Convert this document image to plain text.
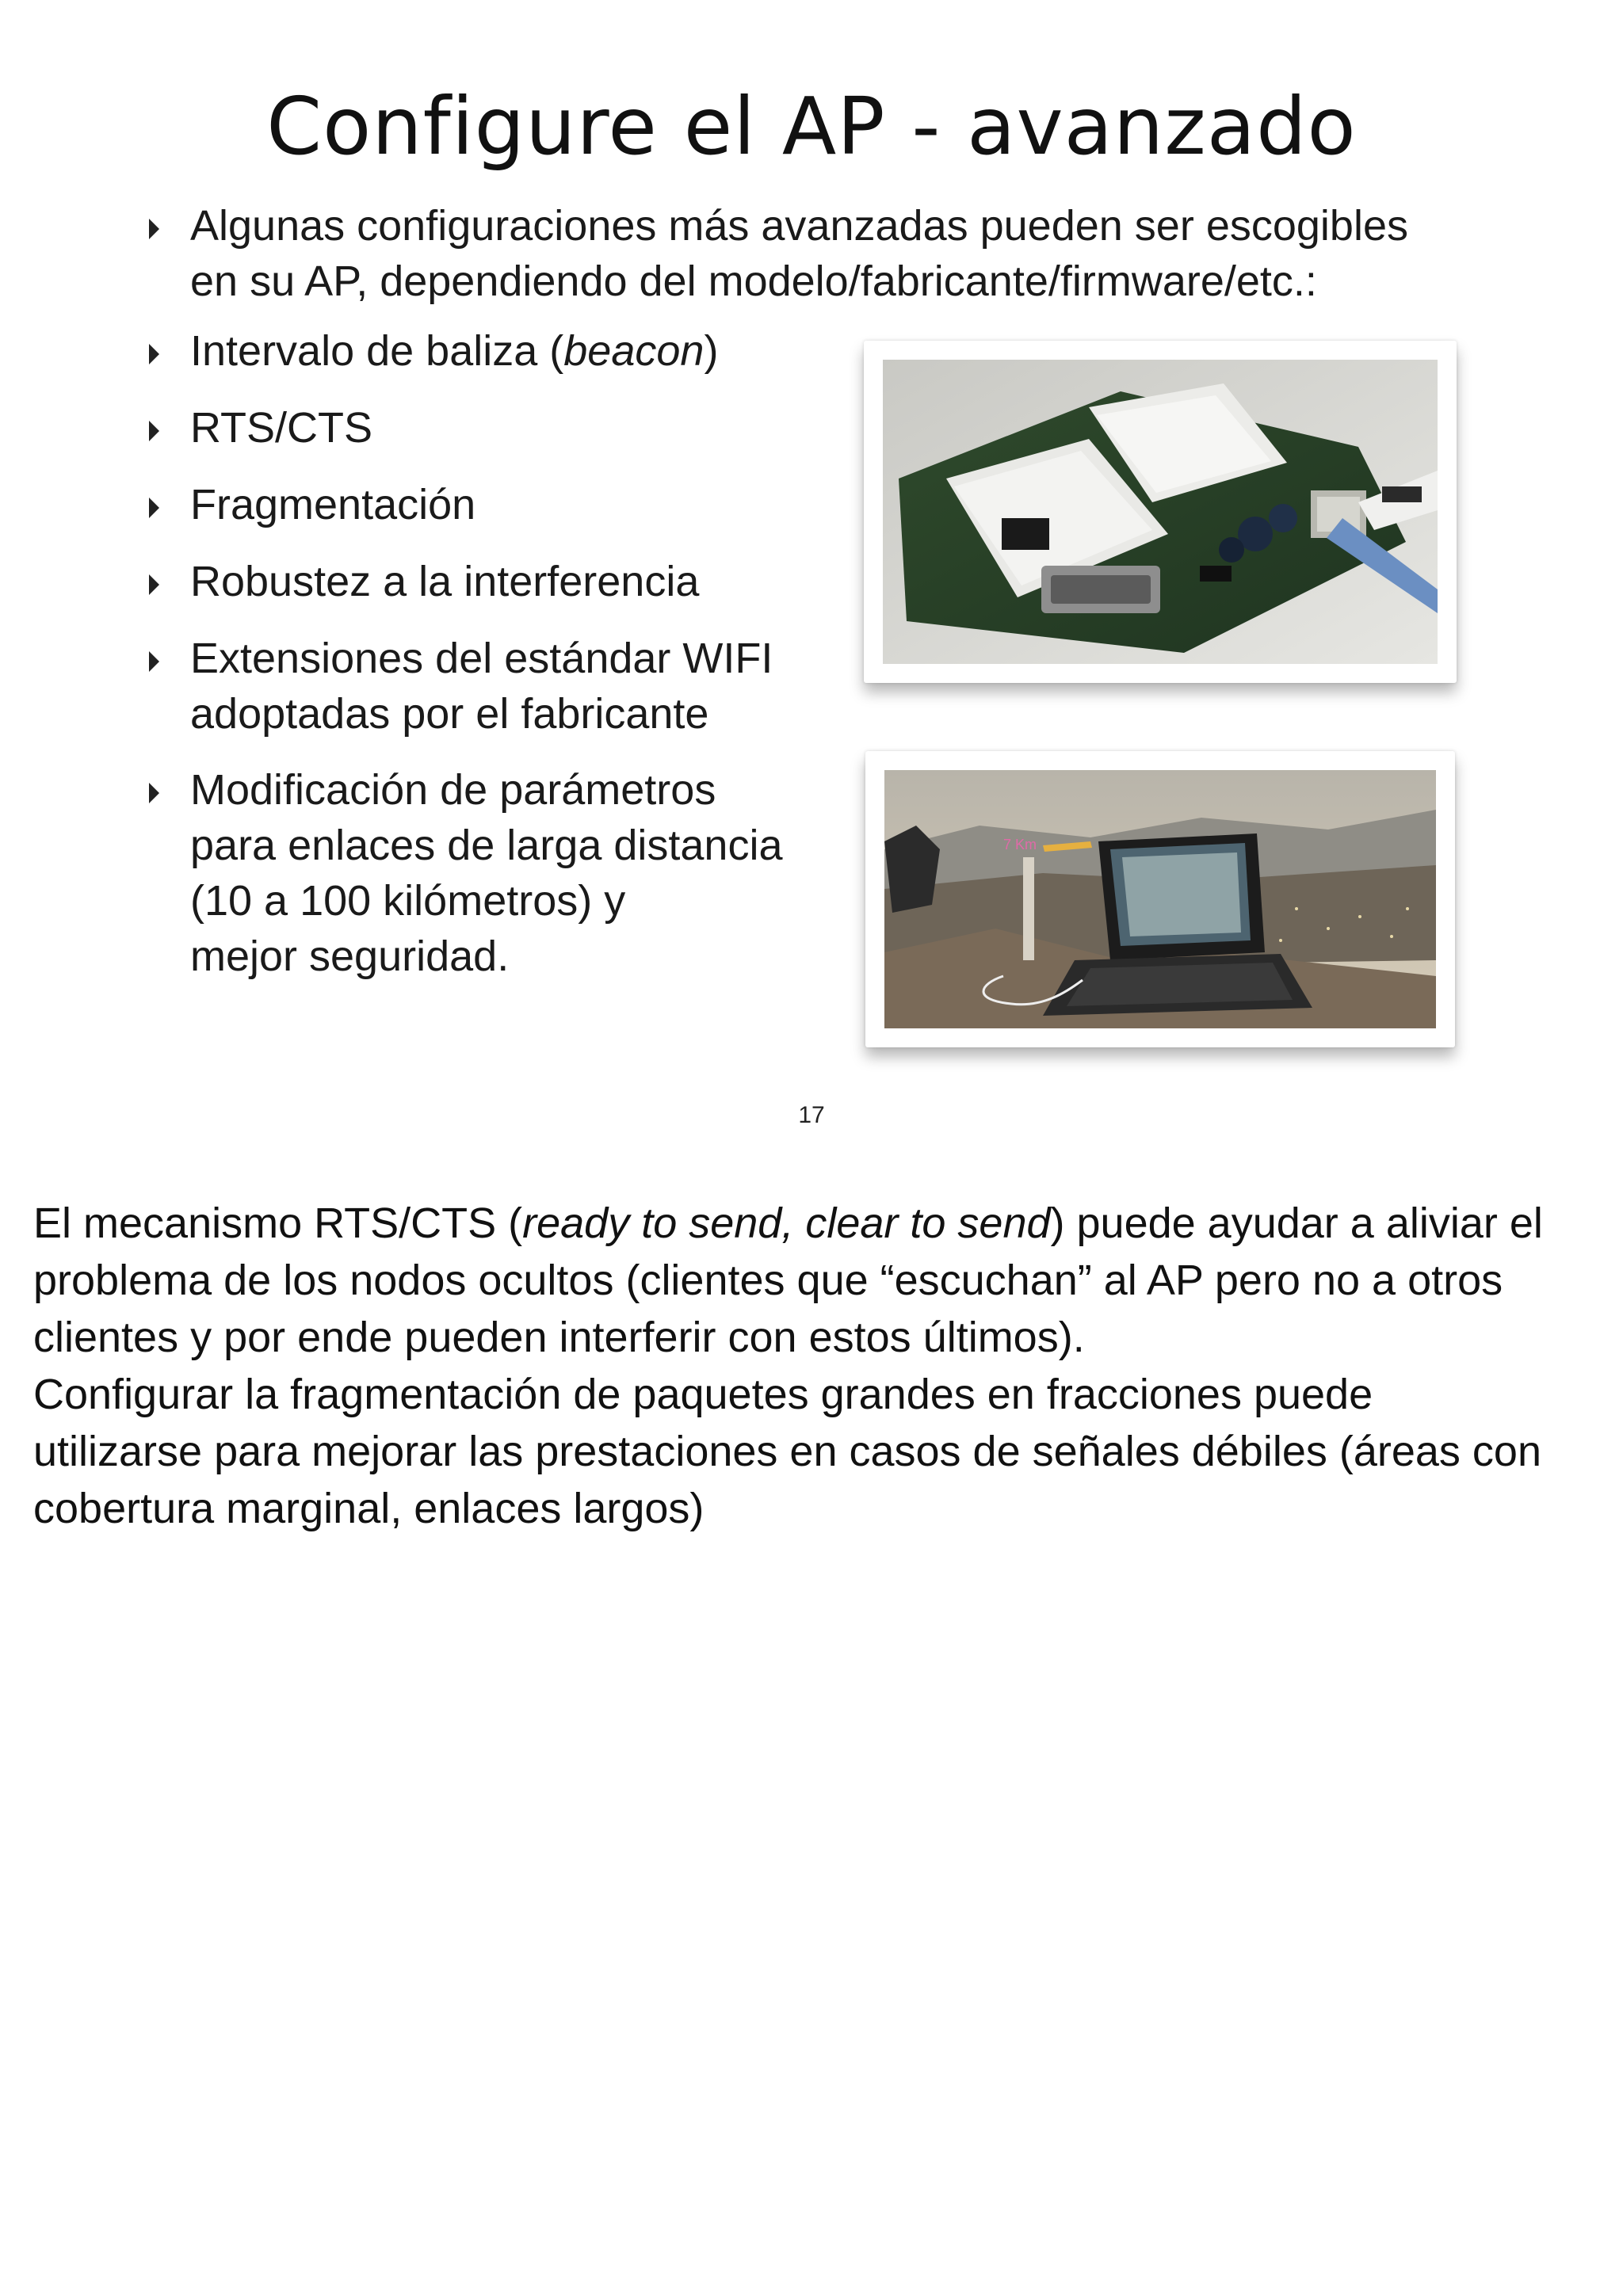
Configure el AP - avanzado
Algunas configuraciones más avanzadas pueden ser escogibles
en su AP, dependiendo del modelo/fabricante/firmware/etc.:
Intervalo de baliza (beacon)
RTS/CTS
Fragmentación
Robustez a la interferencia
Extensiones del estándar WIFI
adoptadas por el fabricante
Modificación de parámetros
para enlaces de larga distancia
(10 a 100 kilómetros) y
mejor seguridad.
7 Km
17
El mecanismo RTS/CTS (ready to send, clear to send) puede ayudar a aliviar el
problema de los nodos ocultos (clientes que “escuchan” al AP pero no a otros
clientes y por ende pueden interferir con estos últimos).
Configurar la fragmentación de paquetes grandes en fracciones puede
utilizarse para mejorar las prestaciones en casos de señales débiles (áreas con
cobertura marginal, enlaces largos)
